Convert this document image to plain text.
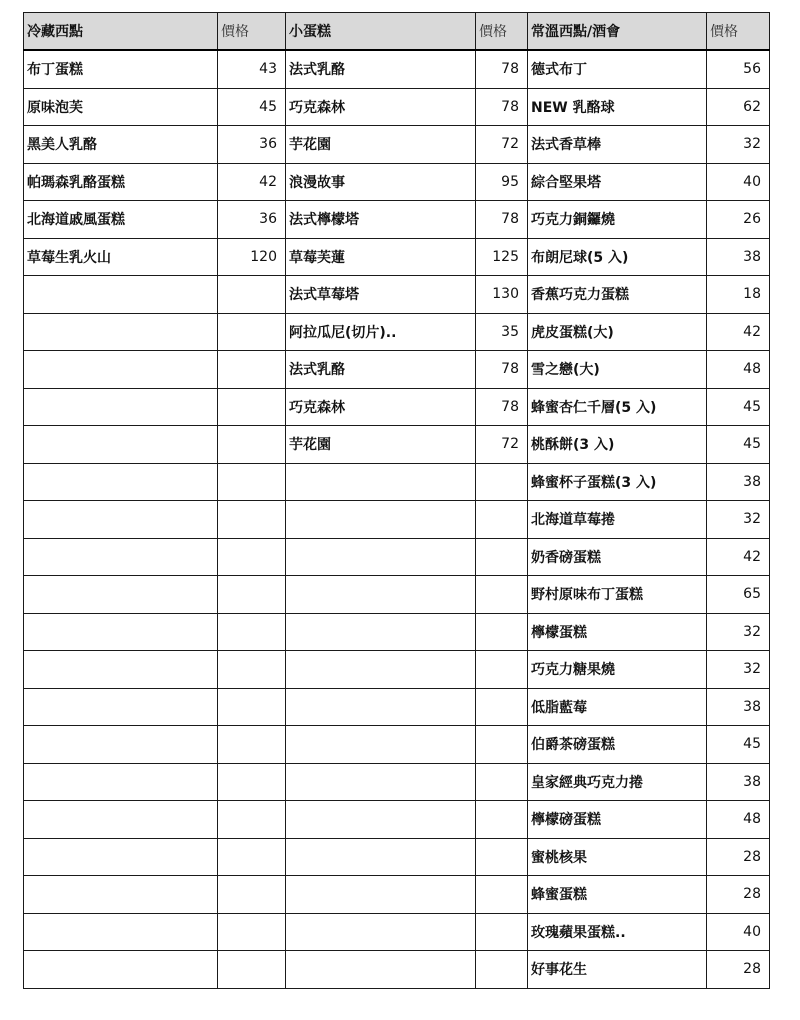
冷藏西點	價格	小蛋糕	價格	常溫西點/酒會	價格
布丁蛋糕	43	法式乳酪	78	德式布丁	56
原味泡芙	45	巧克森林	78	NEW 乳酪球	62
黑美人乳酪	36	芋花園	72	法式香草棒	32
帕瑪森乳酪蛋糕	42	浪漫故事	95	綜合堅果塔	40
北海道戚風蛋糕	36	法式檸檬塔	78	巧克力銅鑼燒	26
草莓生乳火山	120	草莓芙蓮	125	布朗尼球(5 入)	38
		法式草莓塔	130	香蕉巧克力蛋糕	18
		阿拉瓜尼(切片)..	35	虎皮蛋糕(大)	42
		法式乳酪	78	雪之戀(大)	48
		巧克森林	78	蜂蜜杏仁千層(5 入)	45
		芋花園	72	桃酥餅(3 入)	45
				蜂蜜杯子蛋糕(3 入)	38
				北海道草莓捲	32
				奶香磅蛋糕	42
				野村原味布丁蛋糕	65
				檸檬蛋糕	32
				巧克力糖果燒	32
				低脂藍莓	38
				伯爵茶磅蛋糕	45
				皇家經典巧克力捲	38
				檸檬磅蛋糕	48
				蜜桃核果	28
				蜂蜜蛋糕	28
				玫瑰蘋果蛋糕..	40
				好事花生	28
